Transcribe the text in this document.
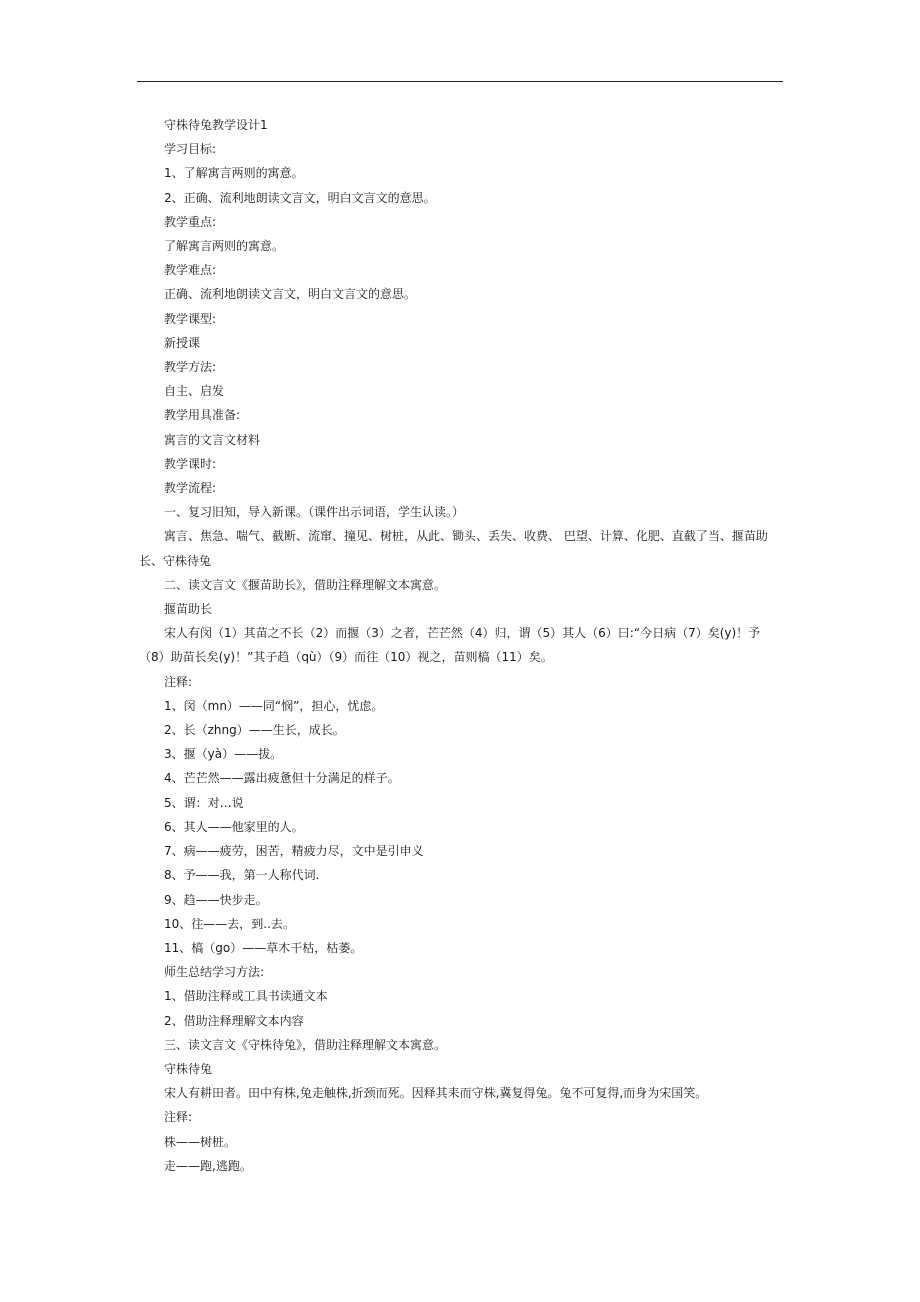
守株待兔教学设计1

学习目标:

1、了解寓言两则的寓意。

2、正确、流利地朗读文言文，明白文言文的意思。

教学重点:

了解寓言两则的寓意。

教学难点:

正确、流利地朗读文言文，明白文言文的意思。

教学课型:

新授课

教学方法:

自主、启发

教学用具准备:

寓言的文言文材料

教学课时:

教学流程:

一、复习旧知，导入新课。（课件出示词语，学生认读。）

寓言、焦急、喘气、截断、流窜、撞见、树桩，从此、锄头、丢失、收费、 巴望、计算、化肥、直截了当、揠苗助长、守株待兔

二、读文言文《揠苗助长》，借助注释理解文本寓意。

揠苗助长

宋人有闵（1）其苗之不长（2）而揠（3）之者，芒芒然（4）归，谓（5）其人（6）曰:“今日病（7）矣(y)！予（8）助苗长矣(y)！”其子趋（qù）（9）而往（10）视之，苗则槁（11）矣。

注释:

1、闵（mn）——同“悯”，担心，忧虑。

2、长（zhng）——生长，成长。

3、揠（yà）——拔。

4、芒芒然——露出疲惫但十分满足的样子。

5、谓：对…说

6、其人——他家里的人。

7、病——疲劳，困苦，精疲力尽，文中是引申义

8、予——我，第一人称代词.

9、趋——快步走。

10、往——去，到..去。

11、槁（go）——草木干枯，枯萎。

师生总结学习方法:

1、借助注释或工具书读通文本

2、借助注释理解文本内容

三、读文言文《守株待兔》，借助注释理解文本寓意。

守株待兔

宋人有耕田者。田中有株,兔走触株,折颈而死。因释其耒而守株,冀复得兔。兔不可复得,而身为宋国笑。

注释:

株——树桩。

走——跑,逃跑。
